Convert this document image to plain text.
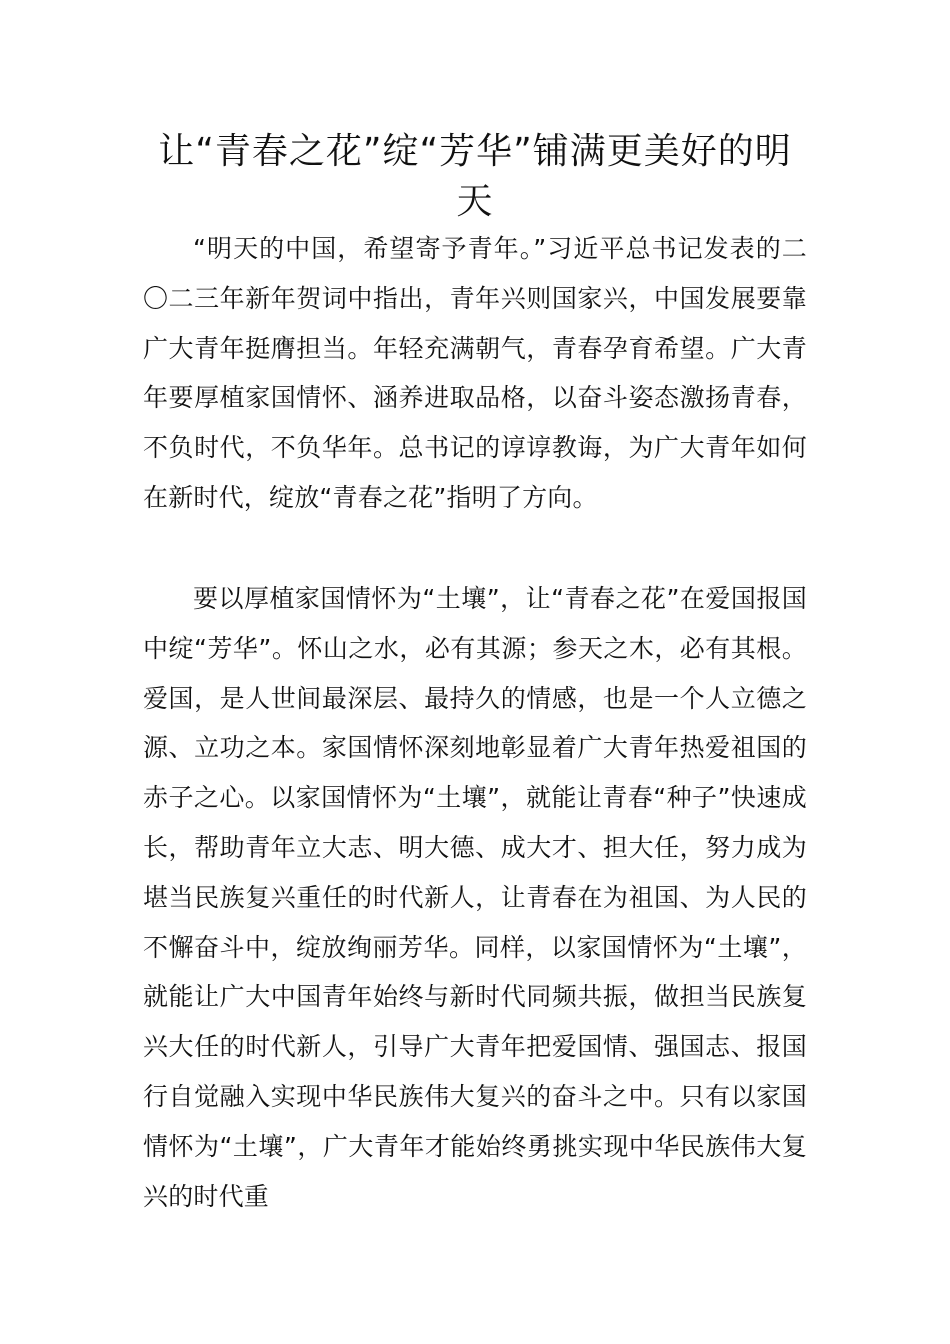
让“青春之花”绽“芳华”铺满更美好的明天

“明天的中国，希望寄予青年。”习近平总书记发表的二〇二三年新年贺词中指出，青年兴则国家兴，中国发展要靠广大青年挺膺担当。年轻充满朝气，青春孕育希望。广大青年要厚植家国情怀、涵养进取品格，以奋斗姿态激扬青春，不负时代，不负华年。总书记的谆谆教诲，为广大青年如何在新时代，绽放“青春之花”指明了方向。

要以厚植家国情怀为“土壤”，让“青春之花”在爱国报国中绽“芳华”。怀山之水，必有其源；参天之木，必有其根。爱国，是人世间最深层、最持久的情感，也是一个人立德之源、立功之本。家国情怀深刻地彰显着广大青年热爱祖国的赤子之心。以家国情怀为“土壤”，就能让青春“种子”快速成长，帮助青年立大志、明大德、成大才、担大任，努力成为堪当民族复兴重任的时代新人，让青春在为祖国、为人民的不懈奋斗中，绽放绚丽芳华。同样，以家国情怀为“土壤”，就能让广大中国青年始终与新时代同频共振，做担当民族复兴大任的时代新人，引导广大青年把爱国情、强国志、报国行自觉融入实现中华民族伟大复兴的奋斗之中。只有以家国情怀为“土壤”，广大青年才能始终勇挑实现中华民族伟大复兴的时代重
